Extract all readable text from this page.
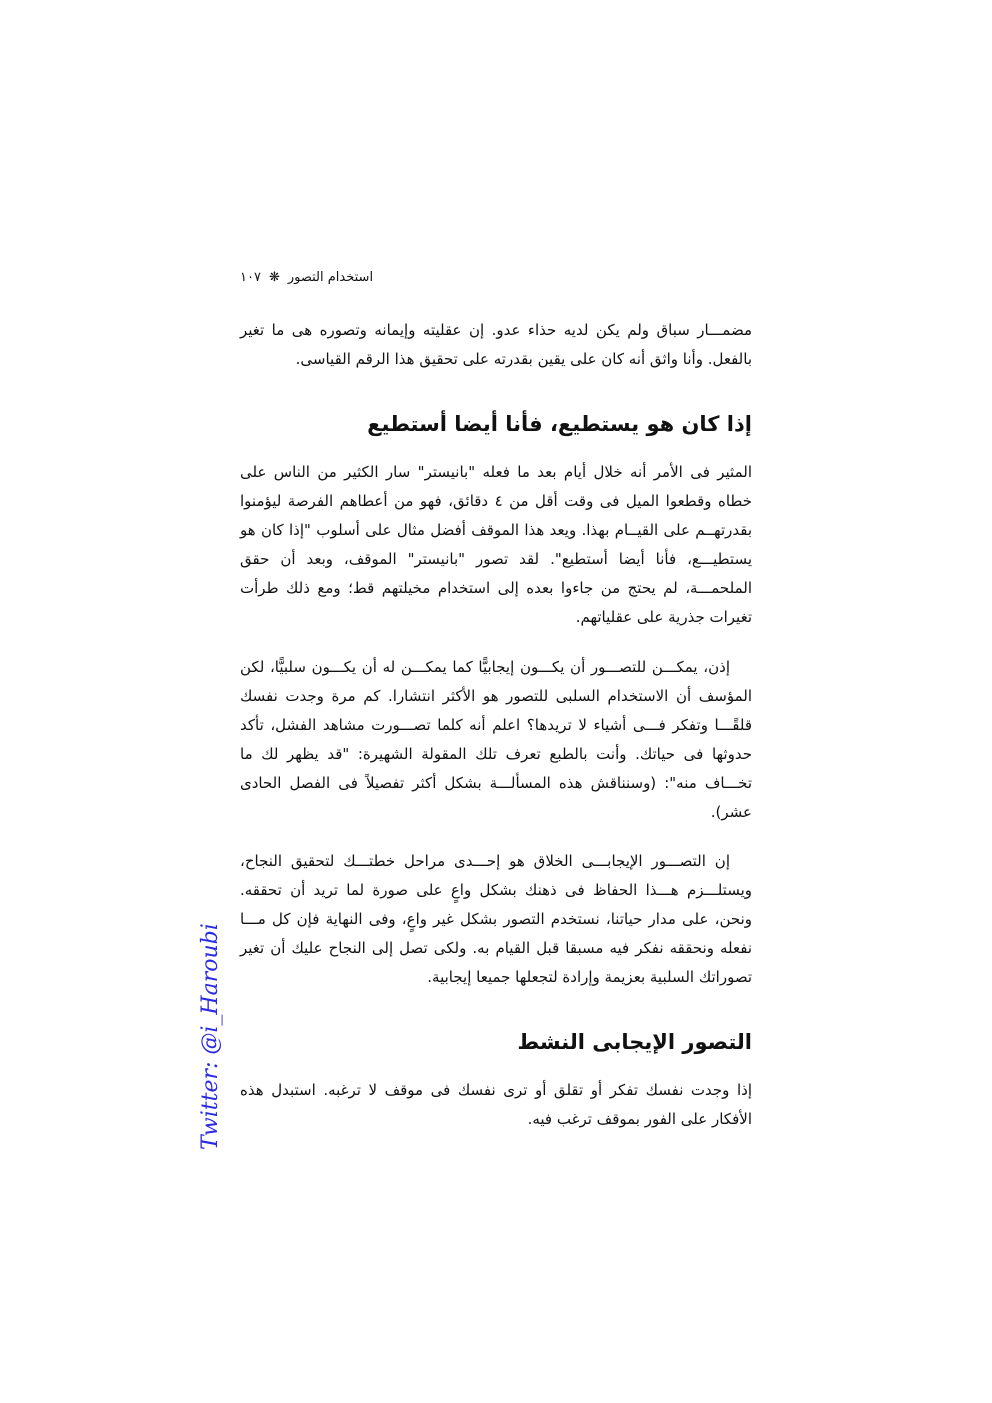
استخدام التصور
❋
١٠٧

مضمـــار سباق ولم يكن لديه حذاء عدو. إن عقليته وإيمانه وتصوره هى ما تغير بالفعل. وأنا واثق أنه كان على يقين بقدرته على تحقيق هذا الرقم القياسى.

إذا كان هو يستطيع، فأنا أيضا أستطيع

المثير فى الأمر أنه خلال أيام بعد ما فعله "بانيستر" سار الكثير من الناس على خطاه وقطعوا الميل فى وقت أقل من ٤ دقائق، فهو من أعطاهم الفرصة ليؤمنوا بقدرتهــم على القيــام بهذا. ويعد هذا الموقف أفضل مثال على أسلوب "إذا كان هو يستطيـــع، فأنا أيضا أستطيع". لقد تصور "بانيستر" الموقف، وبعد أن حقق الملحمـــة، لم يحتج من جاءوا بعده إلى استخدام مخيلتهم قط؛ ومع ذلك طرأت تغيرات جذرية على عقلياتهم.

إذن، يمكـــن للتصـــور أن يكـــون إيجابيًّا كما يمكـــن له أن يكـــون سلبيًّا، لكن المؤسف أن الاستخدام السلبى للتصور هو الأكثر انتشارا. كم مرة وجدت نفسك قلقًـــا وتفكر فـــى أشياء لا تريدها؟ اعلم أنه كلما تصـــورت مشاهد الفشل، تأكد حدوثها فى حياتك. وأنت بالطبع تعرف تلك المقولة الشهيرة: "قد يظهر لك ما تخـــاف منه": (وسنناقش هذه المسألـــة بشكل أكثر تفصيلاً فى الفصل الحادى عشر).

إن التصـــور الإيجابـــى الخلاق هو إحـــدى مراحل خطتـــك لتحقيق النجاح، ويستلـــزم هـــذا الحفاظ فى ذهنك بشكل واعٍ على صورة لما تريد أن تحققه. ونحن، على مدار حياتنا، نستخدم التصور بشكل غير واعٍ، وفى النهاية فإن كل مـــا نفعله ونحققه نفكر فيه مسبقا قبل القيام به. ولكى تصل إلى النجاح عليك أن تغير تصوراتك السلبية بعزيمة وإرادة لتجعلها جميعا إيجابية.

التصور الإيجابى النشط

إذا وجدت نفسك تفكر أو تقلق أو ترى نفسك فى موقف لا ترغبه. استبدل هذه الأفكار على الفور بموقف ترغب فيه.

Twitter: @i_Haroubi
